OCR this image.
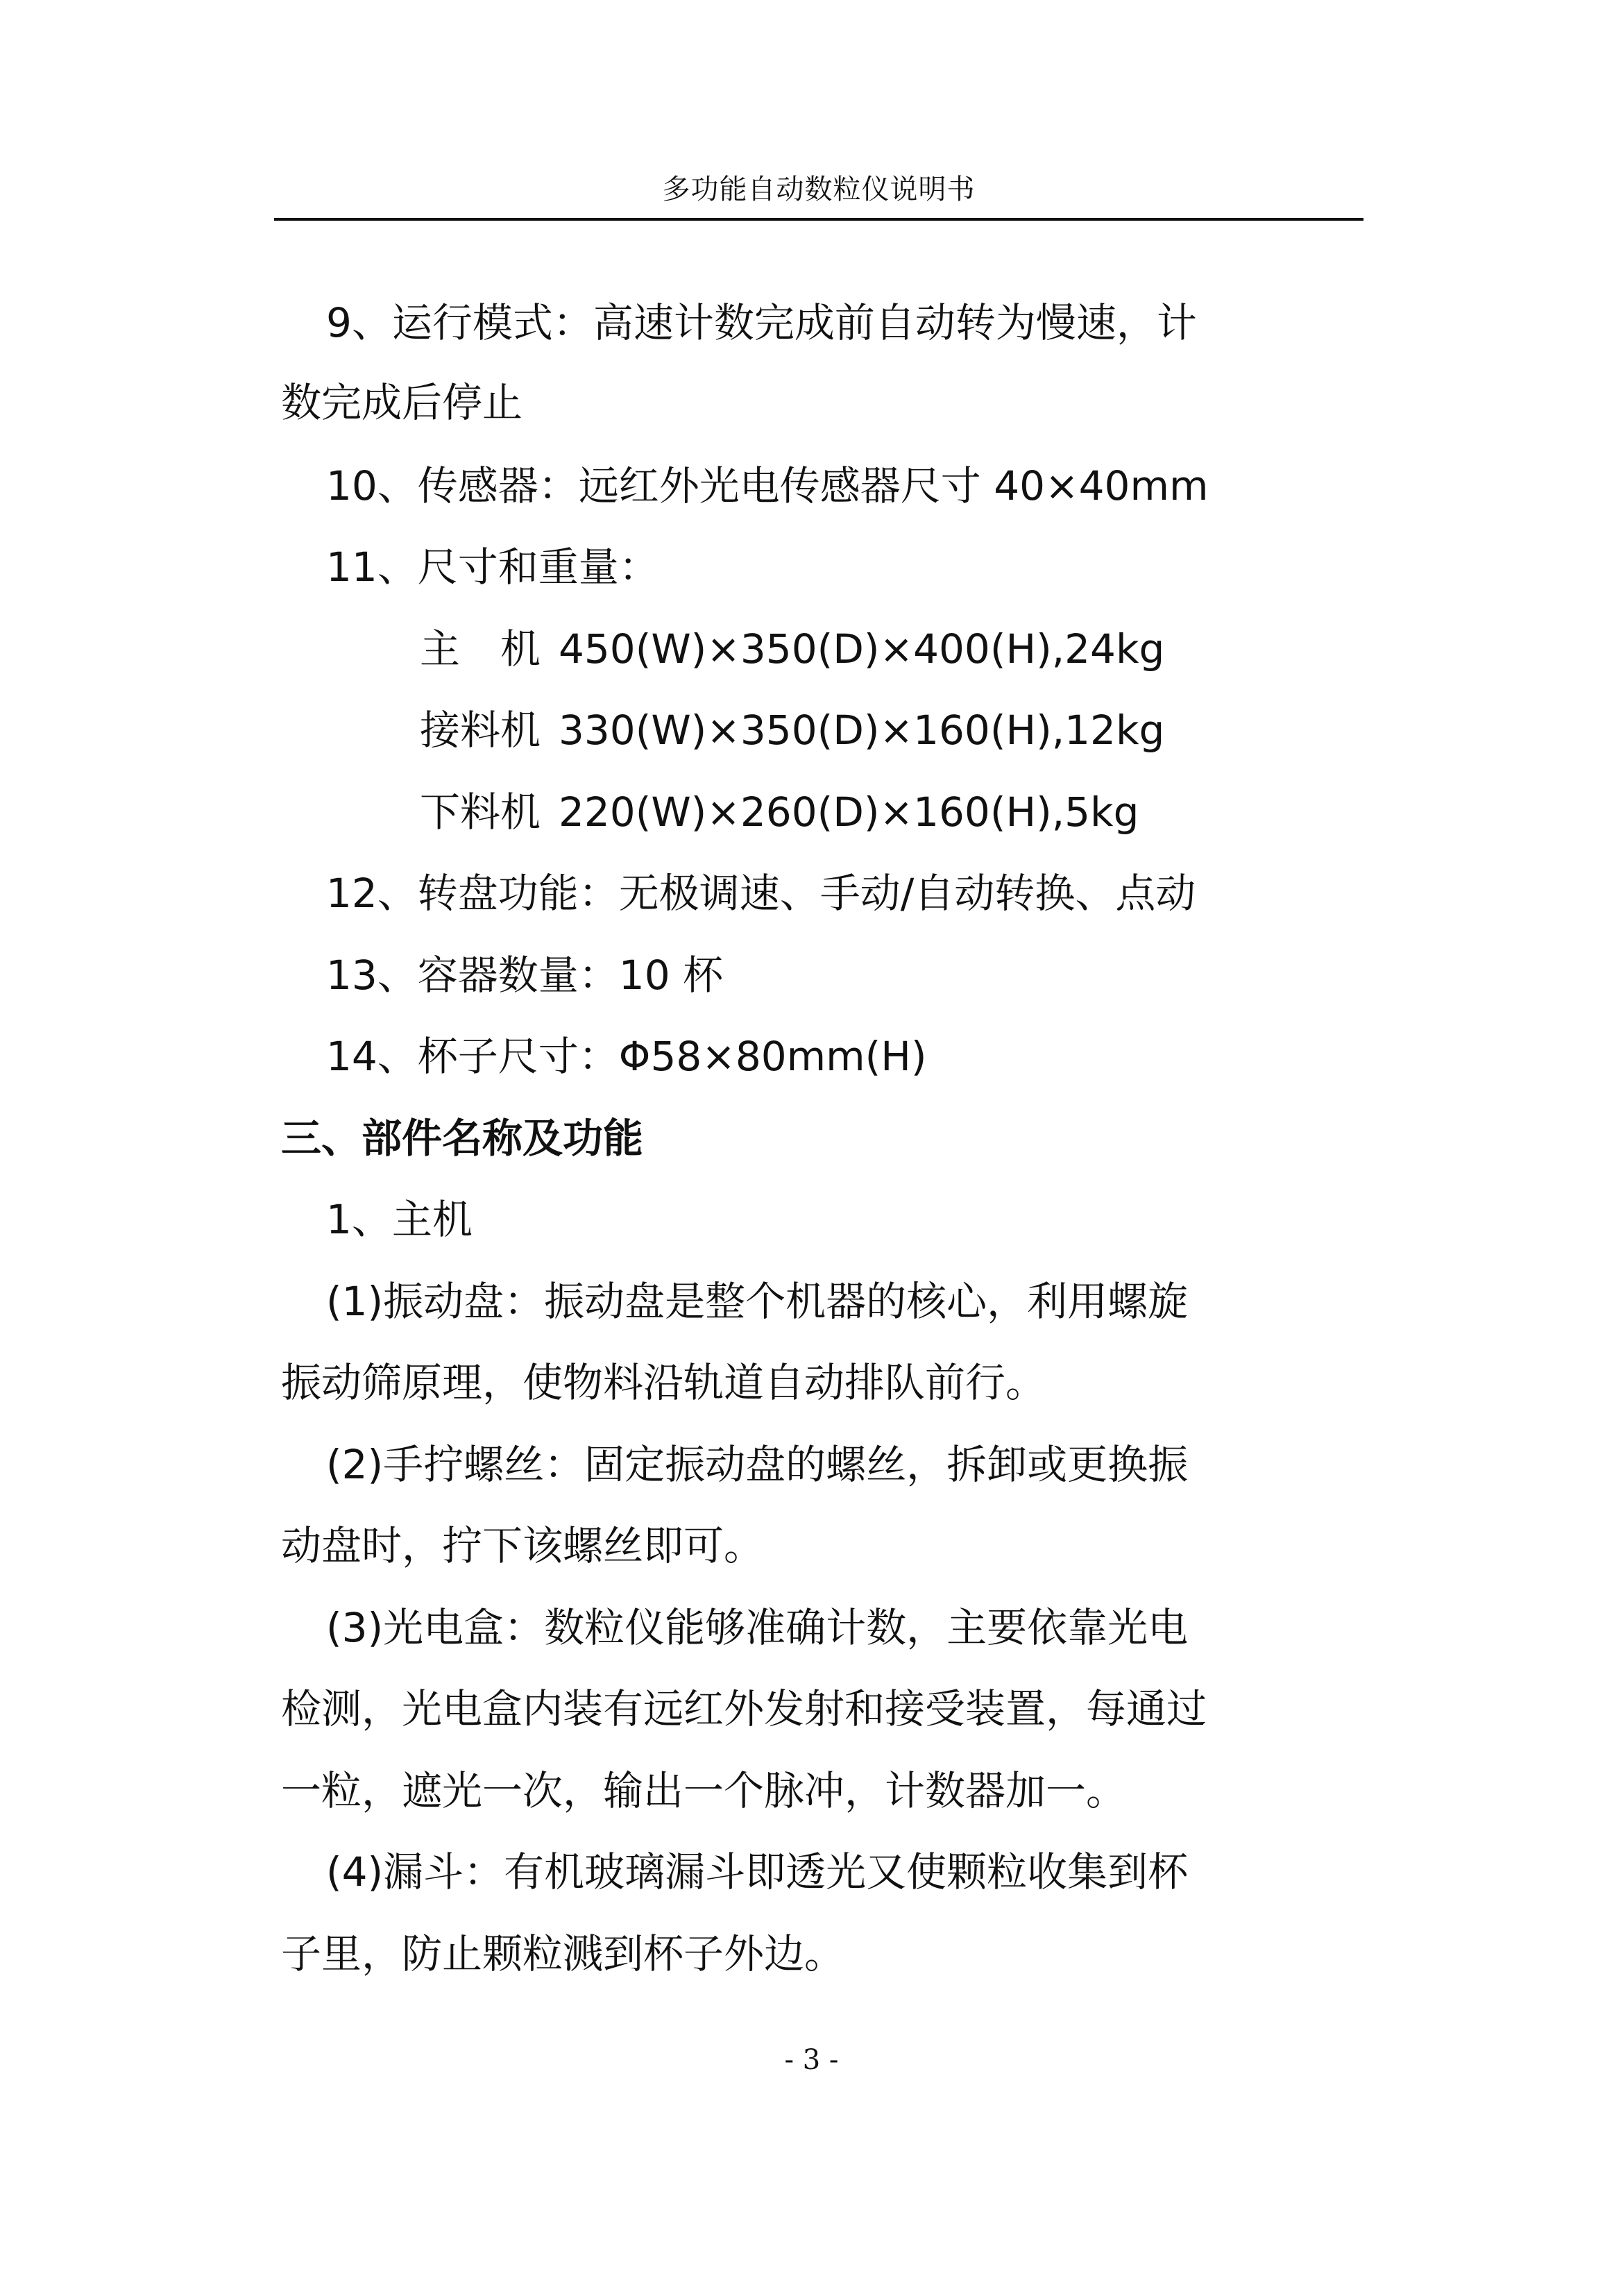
多功能自动数粒仪说明书
9、运行模式：高速计数完成前自动转为慢速，计
数完成后停止
10、传感器：远红外光电传感器尺寸 40×40mm
11、尺寸和重量：
主　机 450(W)×350(D)×400(H),24kg
接料机 330(W)×350(D)×160(H),12kg
下料机 220(W)×260(D)×160(H),5kg
12、转盘功能：无极调速、手动/自动转换、点动
13、容器数量：10 杯
14、杯子尺寸：Φ58×80mm(H)
三、部件名称及功能
1、主机
(1)振动盘：振动盘是整个机器的核心，利用螺旋
振动筛原理，使物料沿轨道自动排队前行。
(2)手拧螺丝：固定振动盘的螺丝，拆卸或更换振
动盘时，拧下该螺丝即可。
(3)光电盒：数粒仪能够准确计数，主要依靠光电
检测，光电盒内装有远红外发射和接受装置，每通过
一粒，遮光一次，输出一个脉冲，计数器加一。
(4)漏斗：有机玻璃漏斗即透光又使颗粒收集到杯
子里，防止颗粒溅到杯子外边。
- 3 -
